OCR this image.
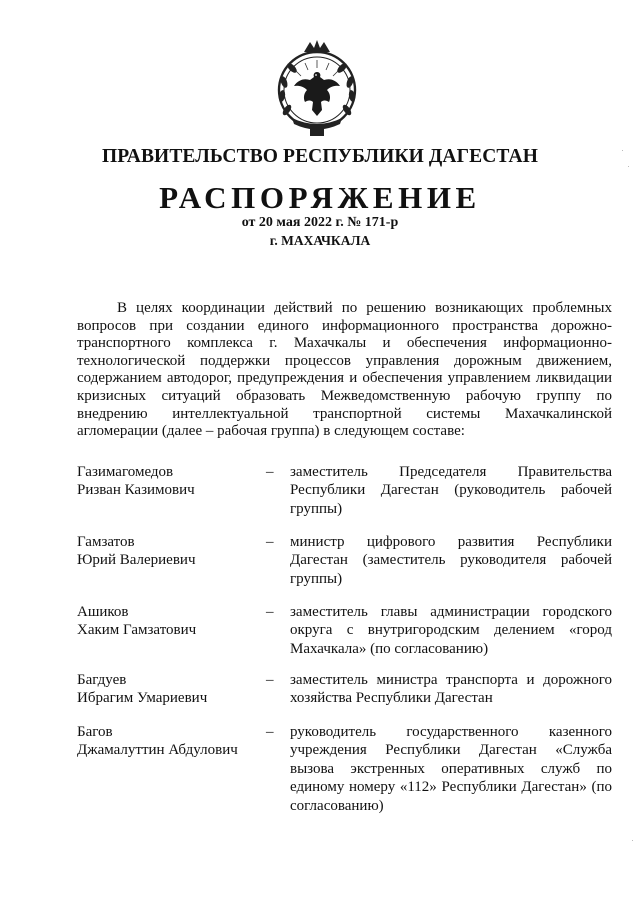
ПРАВИТЕЛЬСТВО РЕСПУБЛИКИ ДАГЕСТАН
РАСПОРЯЖЕНИЕ
от 20 мая 2022 г. № 171-р
г. МАХАЧКАЛА

В целях координации действий по решению возникающих проблемных вопросов при создании единого информационного пространства дорожно-транспортного комплекса г. Махачкалы и обеспечения информационно-технологической поддержки процессов управления дорожным движением, содержанием автодорог, предупреждения и обеспечения управлением ликвидации кризисных ситуаций образовать Межведомственную рабочую группу по внедрению интеллектуальной транспортной системы Махачкалинской агломерации (далее – рабочая группа) в следующем составе:

Газимагомедов
Ризван Казимович
– заместитель Председателя Правительства Республики Дагестан (руководитель рабочей группы)
Гамзатов
Юрий Валериевич
– министр цифрового развития Республики Дагестан (заместитель руководителя рабочей группы)
Ашиков
Хаким Гамзатович
– заместитель главы администрации городского округа с внутригородским делением «город Махачкала» (по согласованию)
Багдуев
Ибрагим Умариевич
– заместитель министра транспорта и дорожного хозяйства Республики Дагестан
Багов
Джамалуттин Абдулович
– руководитель государственного казенного учреждения Республики Дагестан «Служба вызова экстренных оперативных служб по единому номеру «112» Республики Дагестан» (по согласованию)
